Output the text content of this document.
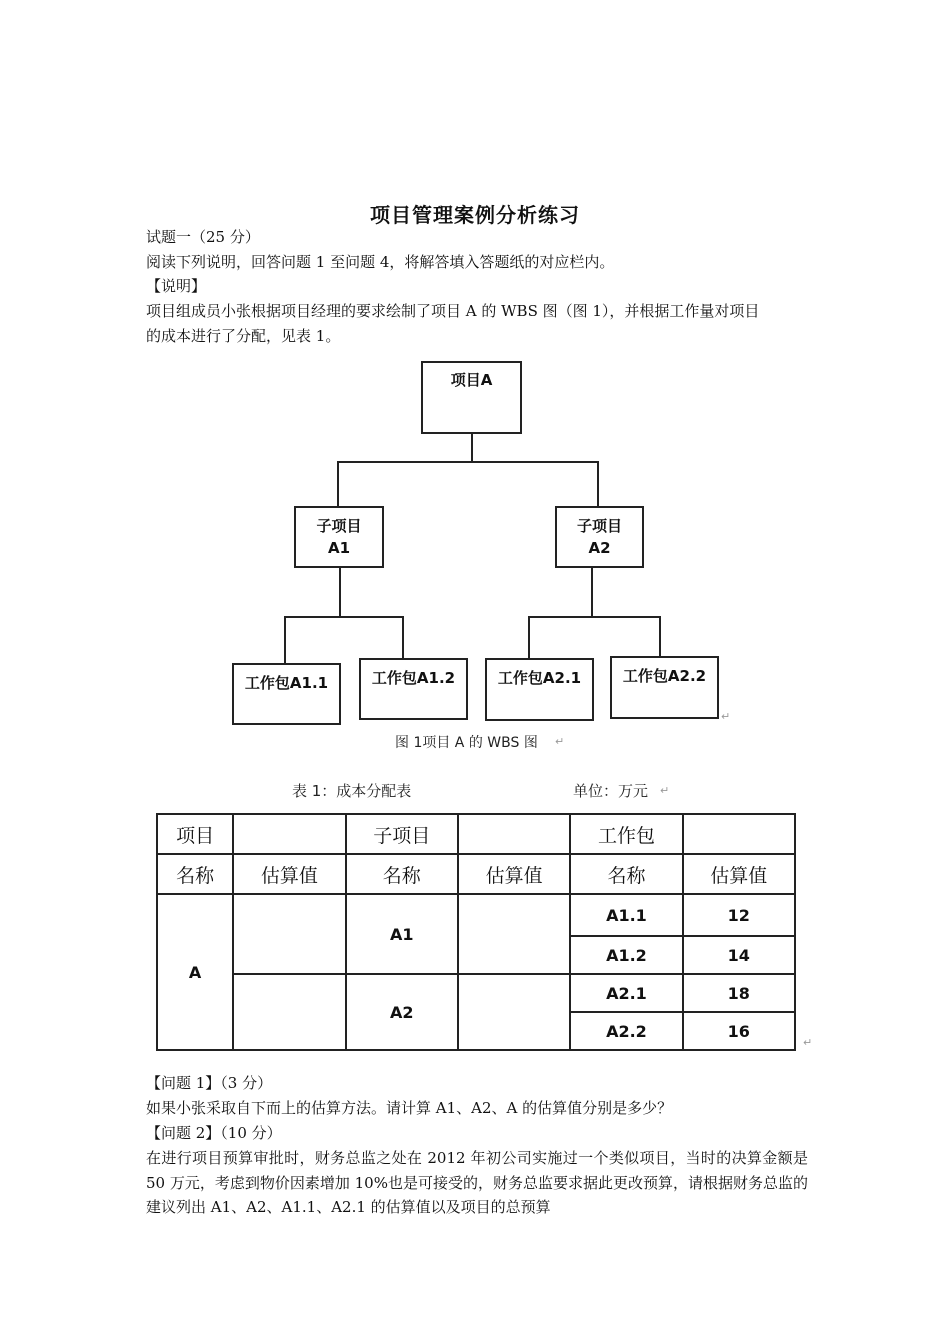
项目管理案例分析练习
试题一（25 分）
阅读下列说明，回答问题 1 至问题 4，将解答填入答题纸的对应栏内。
【说明】
项目组成员小张根据项目经理的要求绘制了项目 A 的 WBS 图（图 1），并根据工作量对项目
的成本进行了分配，见表 1。
项目A
子项目
A1
子项目
A2
工作包A1.1	工作包A1.2	工作包A2.1	工作包A2.2
↵
图 1项目 A 的 WBS 图 ↵
表 1：成本分配表	单位：万元 ↵
项目		子项目		工作包	
名称	估算值	名称	估算值	名称	估算值
A		A1		A1.1	12
				A1.2	14
		A2		A2.1	18
				A2.2	16
↵
【问题 1】（3 分）
如果小张采取自下而上的估算方法。请计算 A1、A2、A 的估算值分别是多少？
【问题 2】（10 分）
在进行项目预算审批时，财务总监之处在 2012 年初公司实施过一个类似项目，当时的决算金额是 50 万元，考虑到物价因素增加 10%也是可接受的，财务总监要求据此更改预算，请根据财务总监的建议列出 A1、A2、A1.1、A2.1 的估算值以及项目的总预算
